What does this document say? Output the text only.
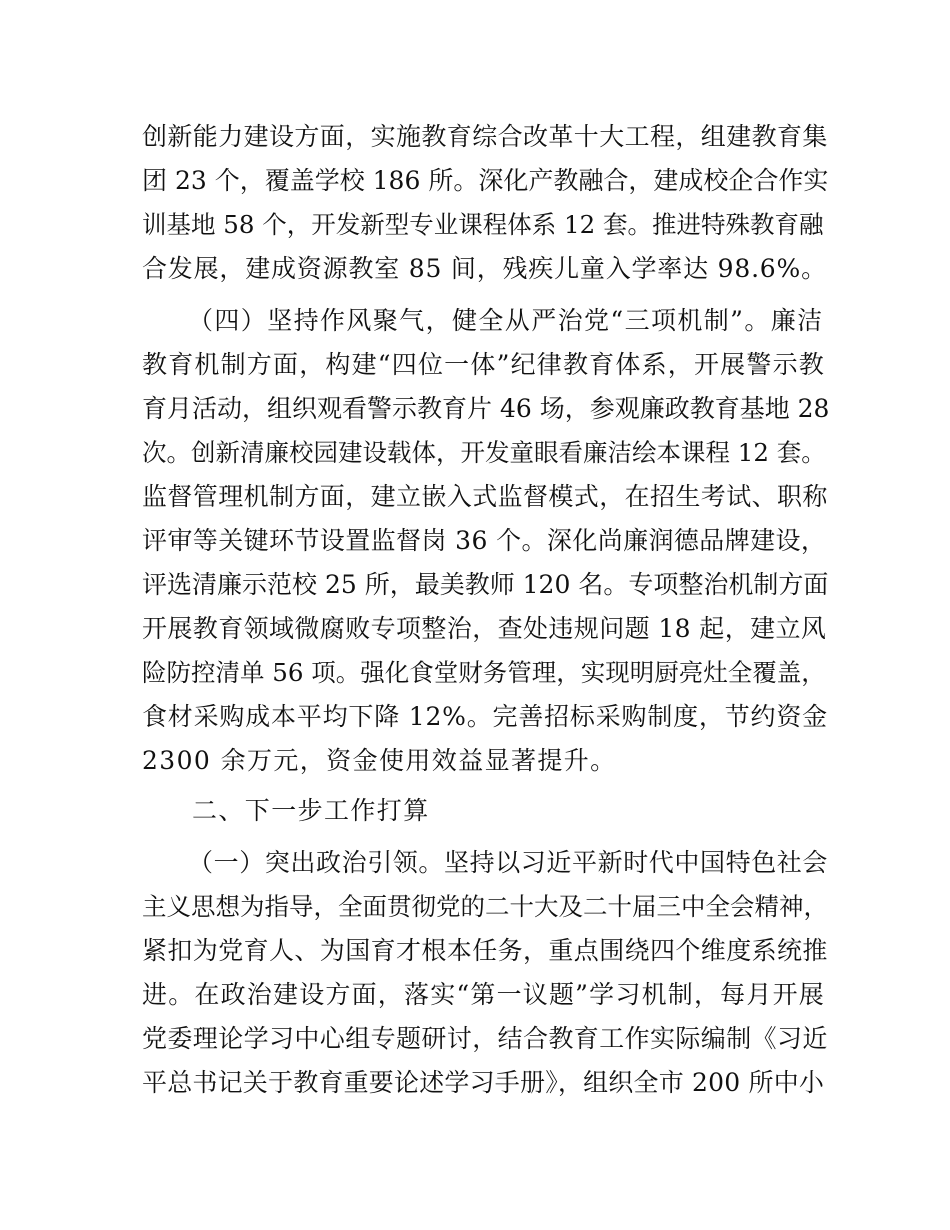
创新能力建设方面，实施教育综合改革十大工程，组建教育集
团 23 个，覆盖学校 186 所。深化产教融合，建成校企合作实
训基地 58 个，开发新型专业课程体系 12 套。推进特殊教育融
合发展，建成资源教室 85 间，残疾儿童入学率达 98.6%。
（四）坚持作风聚气，健全从严治党“三项机制”。廉洁
教育机制方面，构建“四位一体”纪律教育体系，开展警示教
育月活动，组织观看警示教育片 46 场，参观廉政教育基地 28
次。创新清廉校园建设载体，开发童眼看廉洁绘本课程 12 套。
监督管理机制方面，建立嵌入式监督模式，在招生考试、职称
评审等关键环节设置监督岗 36 个。深化尚廉润德品牌建设，
评选清廉示范校 25 所，最美教师 120 名。专项整治机制方面
开展教育领域微腐败专项整治，查处违规问题 18 起，建立风
险防控清单 56 项。强化食堂财务管理，实现明厨亮灶全覆盖，
食材采购成本平均下降 12%。完善招标采购制度，节约资金
2300 余万元，资金使用效益显著提升。
二、下一步工作打算
（一）突出政治引领。坚持以习近平新时代中国特色社会
主义思想为指导，全面贯彻党的二十大及二十届三中全会精神，
紧扣为党育人、为国育才根本任务，重点围绕四个维度系统推
进。在政治建设方面，落实“第一议题”学习机制，每月开展
党委理论学习中心组专题研讨，结合教育工作实际编制《习近
平总书记关于教育重要论述学习手册》，组织全市 200 所中小
